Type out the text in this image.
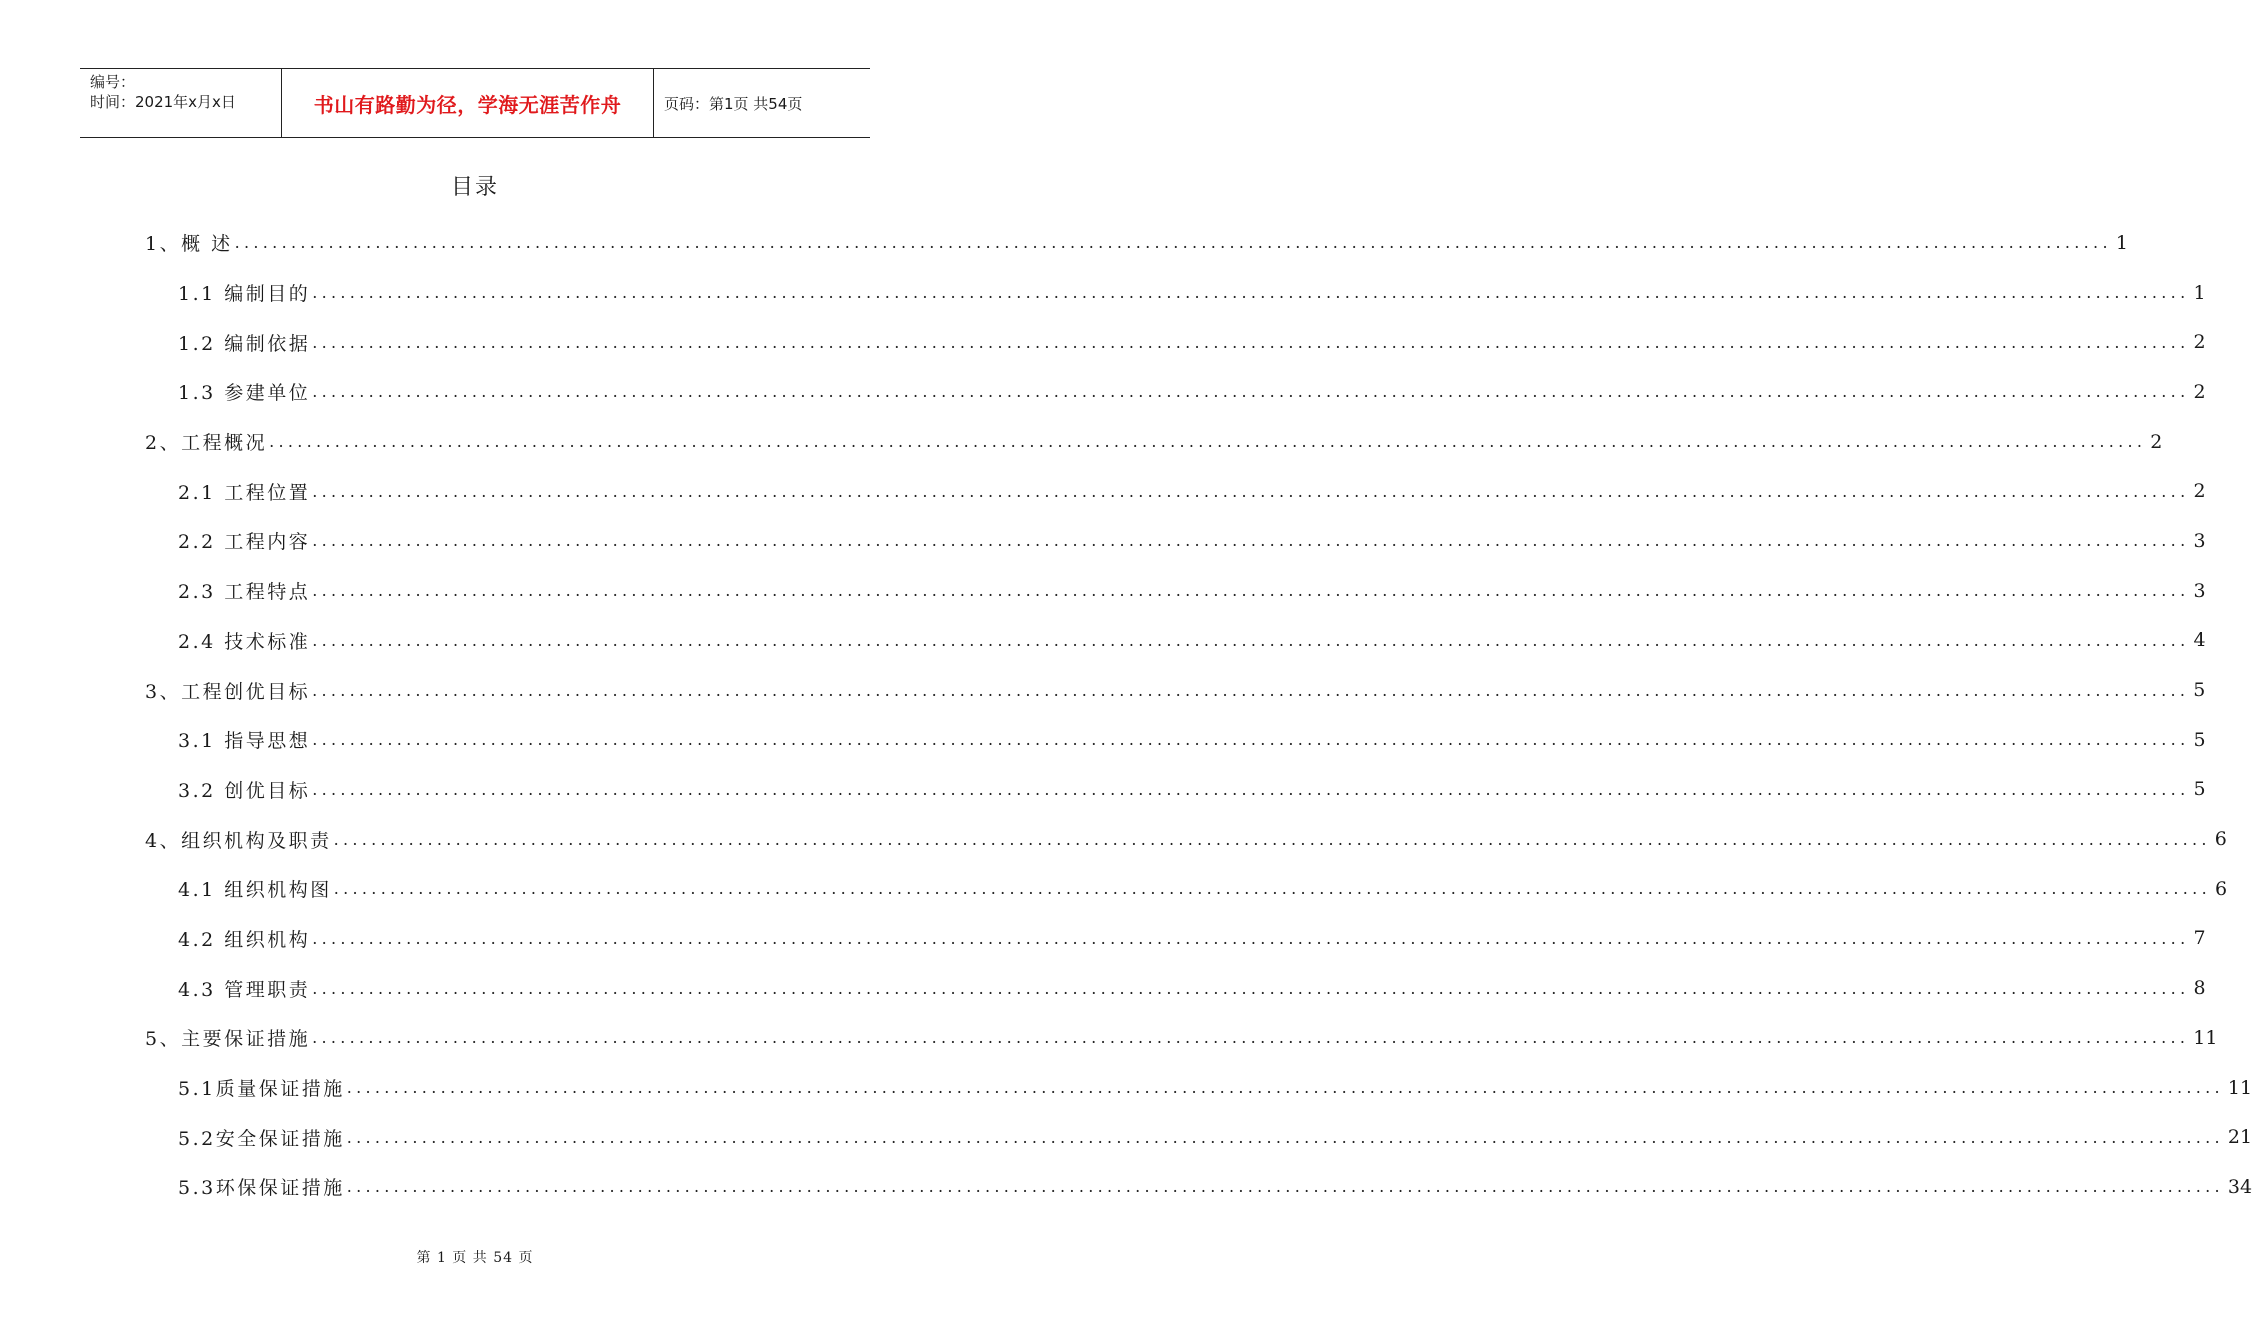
编号：
时间：2021年x月x日	书山有路勤为径，学海无涯苦作舟	页码：第1页 共54页
目录
1、概 述 ........................................................................................................................................................................................................ 1
1.1 编制目的 ........................................................................................................................................................................................................ 1
1.2 编制依据 ........................................................................................................................................................................................................ 2
1.3 参建单位 ........................................................................................................................................................................................................ 2
2、工程概况 ........................................................................................................................................................................................................ 2
2.1 工程位置 ........................................................................................................................................................................................................ 2
2.2 工程内容 ........................................................................................................................................................................................................ 3
2.3 工程特点 ........................................................................................................................................................................................................ 3
2.4 技术标准 ........................................................................................................................................................................................................ 4
3、工程创优目标 ........................................................................................................................................................................................................ 5
3.1 指导思想 ........................................................................................................................................................................................................ 5
3.2 创优目标 ........................................................................................................................................................................................................ 5
4、组织机构及职责 ........................................................................................................................................................................................................ 6
4.1 组织机构图 ........................................................................................................................................................................................................ 6
4.2 组织机构 ........................................................................................................................................................................................................ 7
4.3 管理职责 ........................................................................................................................................................................................................ 8
5、主要保证措施 ........................................................................................................................................................................................................ 11
5.1质量保证措施 ........................................................................................................................................................................................................ 11
5.2安全保证措施 ........................................................................................................................................................................................................ 21
5.3环保保证措施 ........................................................................................................................................................................................................ 34
第 1 页 共 54 页
